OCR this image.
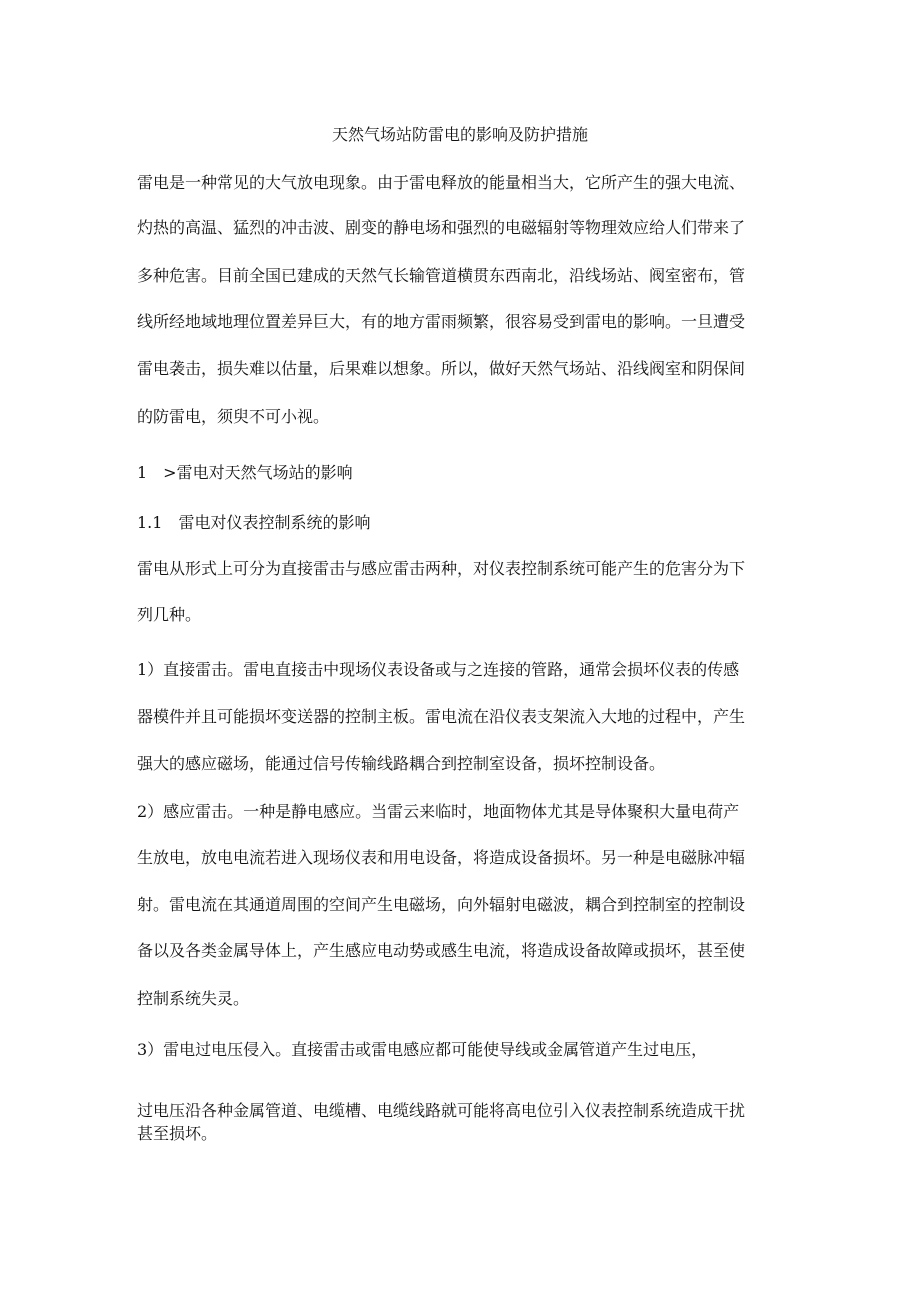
天然气场站防雷电的影响及防护措施
雷电是一种常见的大气放电现象。由于雷电释放的能量相当大，它所产生的强大电流、
灼热的高温、猛烈的冲击波、剧变的静电场和强烈的电磁辐射等物理效应给人们带来了
多种危害。目前全国已建成的天然气长输管道横贯东西南北，沿线场站、阀室密布，管
线所经地域地理位置差异巨大，有的地方雷雨频繁，很容易受到雷电的影响。一旦遭受
雷电袭击，损失难以估量，后果难以想象。所以，做好天然气场站、沿线阀室和阴保间
的防雷电，须臾不可小视。
1　>雷电对天然气场站的影响
1.1　雷电对仪表控制系统的影响
雷电从形式上可分为直接雷击与感应雷击两种，对仪表控制系统可能产生的危害分为下
列几种。
1）直接雷击。雷电直接击中现场仪表设备或与之连接的管路，通常会损坏仪表的传感
器模件并且可能损坏变送器的控制主板。雷电流在沿仪表支架流入大地的过程中，产生
强大的感应磁场，能通过信号传输线路耦合到控制室设备，损坏控制设备。
2）感应雷击。一种是静电感应。当雷云来临时，地面物体尤其是导体聚积大量电荷产
生放电，放电电流若进入现场仪表和用电设备，将造成设备损坏。另一种是电磁脉冲辐
射。雷电流在其通道周围的空间产生电磁场，向外辐射电磁波，耦合到控制室的控制设
备以及各类金属导体上，产生感应电动势或感生电流，将造成设备故障或损坏，甚至使
控制系统失灵。
3）雷电过电压侵入。直接雷击或雷电感应都可能使导线或金属管道产生过电压，
过电压沿各种金属管道、电缆槽、电缆线路就可能将高电位引入仪表控制系统造成干扰
甚至损坏。
